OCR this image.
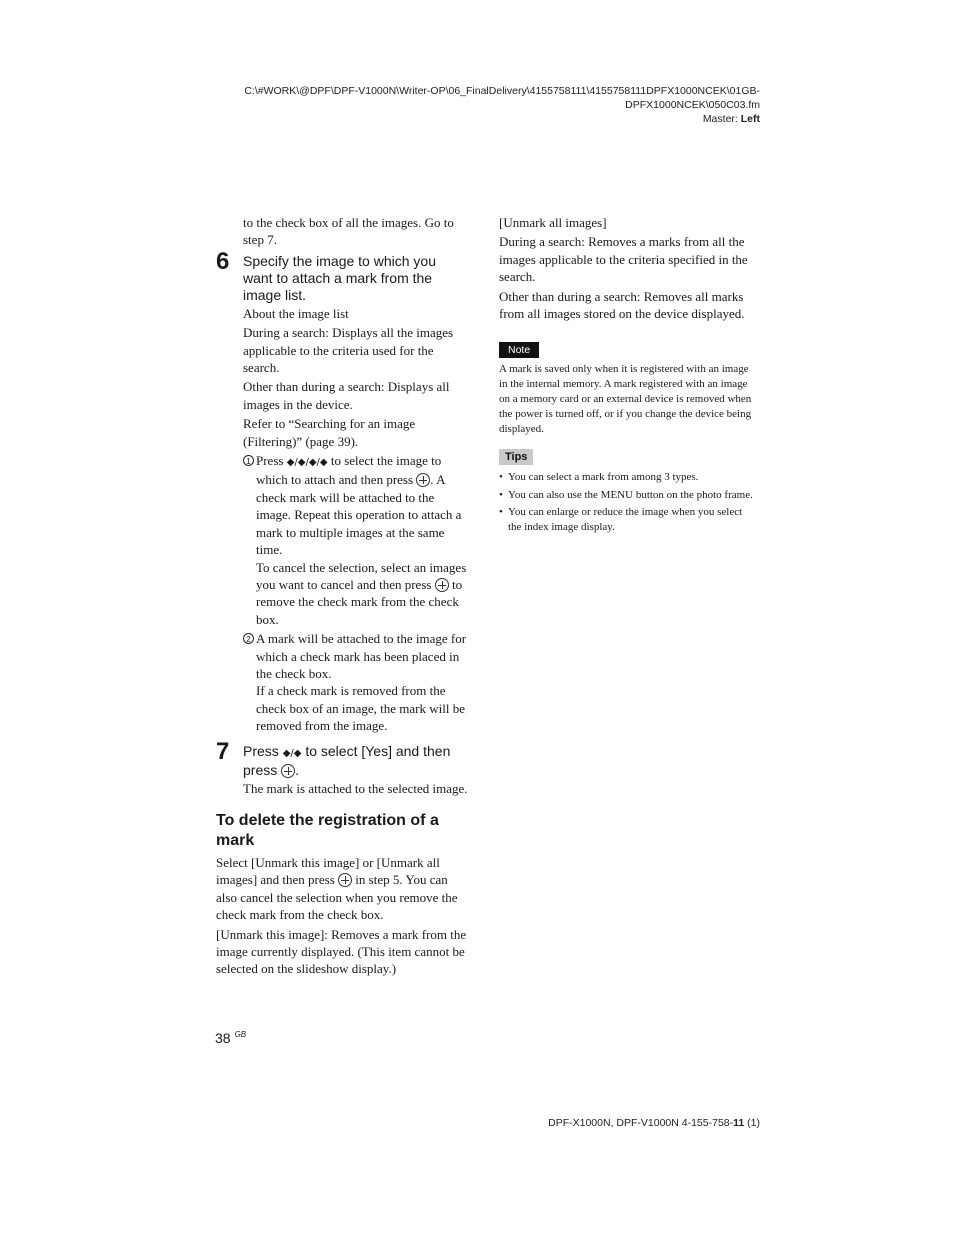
C:\#WORK\@DPF\DPF-V1000N\Writer-OP\06_FinalDelivery\4155758111\4155758111DPFX1000NCEK\01GB-
DPFX1000NCEK\050C03.fm
Master: Left

to the check box of all the images. Go to step 7.

6 Specify the image to which you want to attach a mark from the image list.

About the image list

During a search: Displays all the images applicable to the criteria used for the search.

Other than during a search: Displays all images in the device.

Refer to “Searching for an image (Filtering)” (page 39).

1 Press ◆/◆/◆/◆ to select the image to which to attach and then press . A check mark will be attached to the image. Repeat this operation to attach a mark to multiple images at the same time.
To cancel the selection, select an images you want to cancel and then press  to remove the check mark from the check box.
2 A mark will be attached to the image for which a check mark has been placed in the check box.
If a check mark is removed from the check box of an image, the mark will be removed from the image.
7 Press ◆/◆ to select [Yes] and then press .

The mark is attached to the selected image.

To delete the registration of a mark

Select [Unmark this image] or [Unmark all images] and then press  in step 5. You can also cancel the selection when you remove the check mark from the check box.

[Unmark this image]: Removes a mark from the image currently displayed. (This item cannot be selected on the slideshow display.)

[Unmark all images]

During a search: Removes a marks from all the images applicable to the criteria specified in the search.

Other than during a search: Removes all marks from all images stored on the device displayed.

Note

A mark is saved only when it is registered with an image in the internal memory. A mark registered with an image on a memory card or an external device is removed when the power is turned off, or if you change the device being displayed.

Tips
• You can select a mark from among 3 types.
• You can also use the MENU button on the photo frame.
• You can enlarge or reduce the image when you select the index image display.
38 $^{GB}$
DPF-X1000N, DPF-V1000N 4-155-758-11 (1)
